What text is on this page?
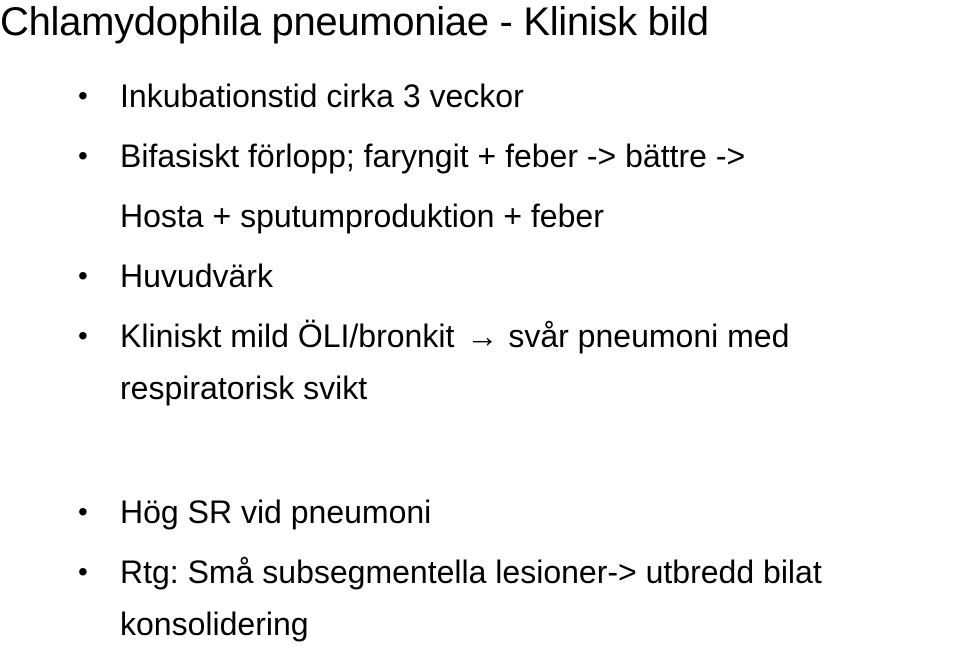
Chlamydophila pneumoniae - Klinisk bild
• Inkubationstid cirka 3 veckor
• Bifasiskt förlopp; faryngit + feber -> bättre ->
Hosta + sputumproduktion + feber
• Huvudvärk
• Kliniskt mild ÖLI/bronkit → svår pneumoni med
respiratorisk svikt
• Hög SR vid pneumoni
• Rtg: Små subsegmentella lesioner-> utbredd bilat
konsolidering
